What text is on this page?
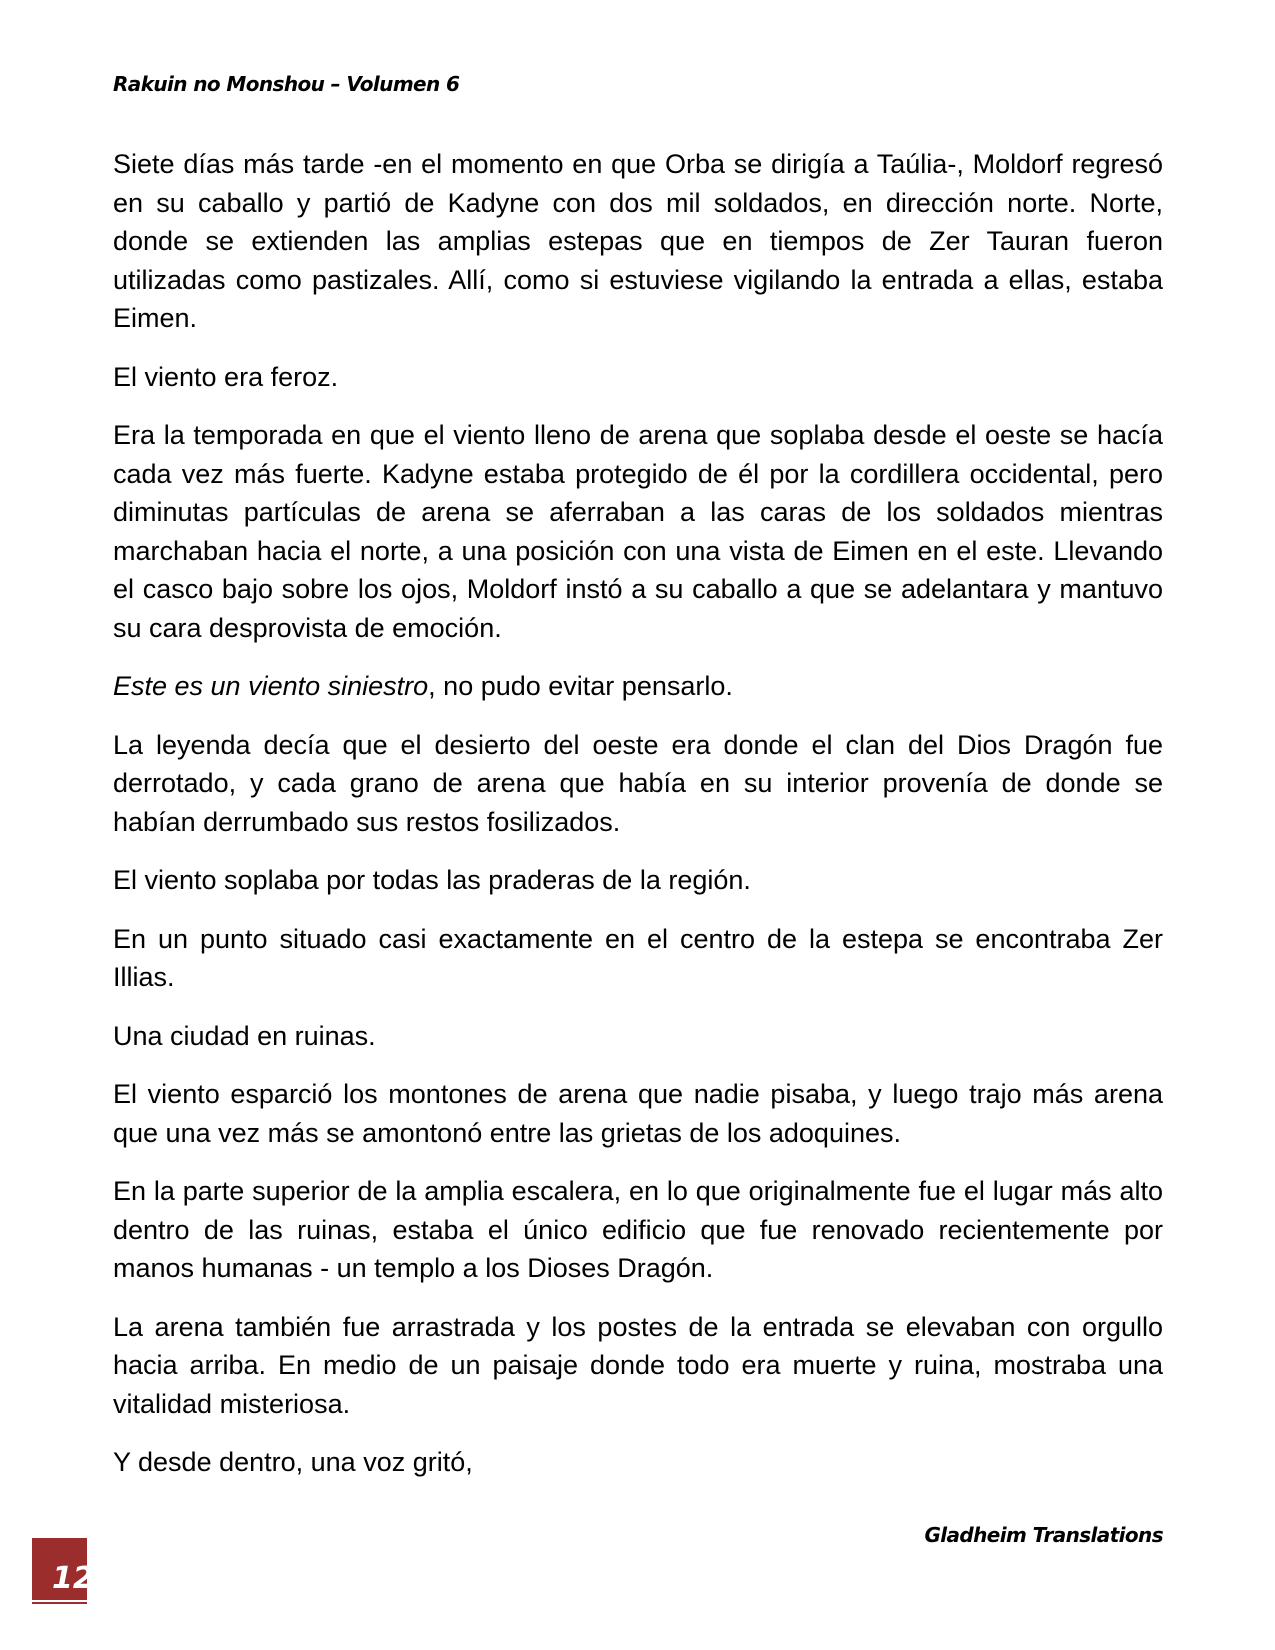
Rakuin no Monshou – Volumen 6

Siete días más tarde -en el momento en que Orba se dirigía a Taúlia-, Moldorf regresó en su caballo y partió de Kadyne con dos mil soldados, en dirección norte. Norte, donde se extienden las amplias estepas que en tiempos de Zer Tauran fueron utilizadas como pastizales. Allí, como si estuviese vigilando la entrada a ellas, estaba Eimen.

El viento era feroz.

Era la temporada en que el viento lleno de arena que soplaba desde el oeste se hacía cada vez más fuerte. Kadyne estaba protegido de él por la cordillera occidental, pero diminutas partículas de arena se aferraban a las caras de los soldados mientras marchaban hacia el norte, a una posición con una vista de Eimen en el este. Llevando el casco bajo sobre los ojos, Moldorf instó a su caballo a que se adelantara y mantuvo su cara desprovista de emoción.

Este es un viento siniestro, no pudo evitar pensarlo.

La leyenda decía que el desierto del oeste era donde el clan del Dios Dragón fue derrotado, y cada grano de arena que había en su interior provenía de donde se habían derrumbado sus restos fosilizados.

El viento soplaba por todas las praderas de la región.

En un punto situado casi exactamente en el centro de la estepa se encontraba Zer Illias.

Una ciudad en ruinas.

El viento esparció los montones de arena que nadie pisaba, y luego trajo más arena que una vez más se amontonó entre las grietas de los adoquines.

En la parte superior de la amplia escalera, en lo que originalmente fue el lugar más alto dentro de las ruinas, estaba el único edificio que fue renovado recientemente por manos humanas - un templo a los Dioses Dragón.

La arena también fue arrastrada y los postes de la entrada se elevaban con orgullo hacia arriba. En medio de un paisaje donde todo era muerte y ruina, mostraba una vitalidad misteriosa.

Y desde dentro, una voz gritó,

Gladheim Translations
12
